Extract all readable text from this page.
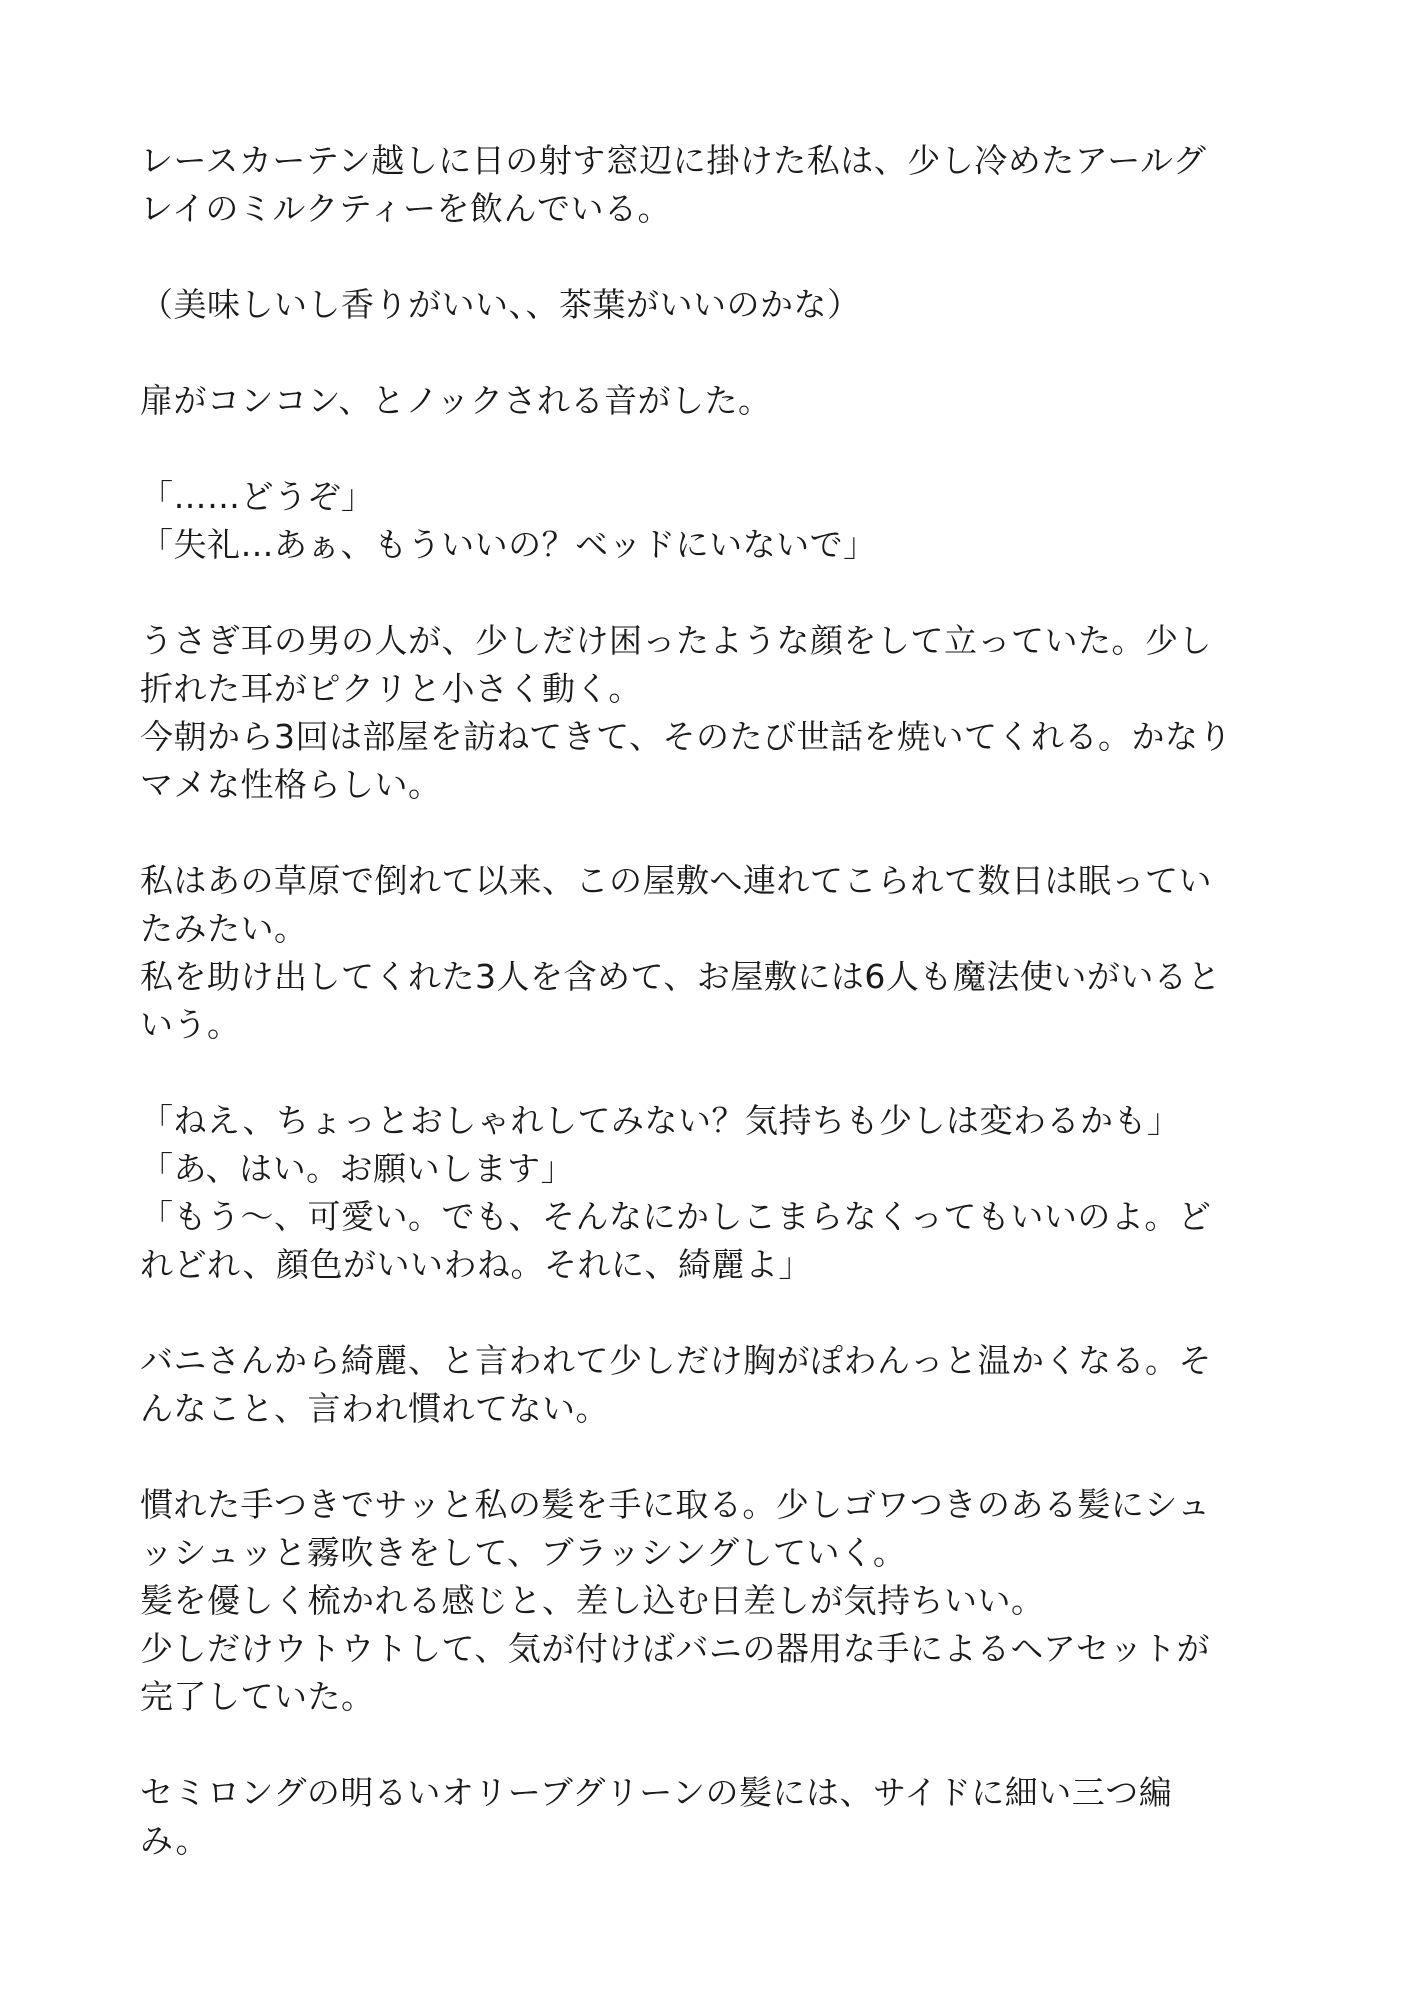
レースカーテン越しに日の射す窓辺に掛けた私は、少し冷めたアールグ
レイのミルクティーを飲んでいる。
（美味しいし香りがいい、、茶葉がいいのかな）
扉がコンコン、とノックされる音がした。
「……どうぞ」
「失礼…あぁ、もういいの？ベッドにいないで」
うさぎ耳の男の人が、少しだけ困ったような顔をして立っていた。少し
折れた耳がピクリと小さく動く。
今朝から3回は部屋を訪ねてきて、そのたび世話を焼いてくれる。かなり
マメな性格らしい。
私はあの草原で倒れて以来、この屋敷へ連れてこられて数日は眠ってい
たみたい。
私を助け出してくれた3人を含めて、お屋敷には6人も魔法使いがいると
いう。
「ねえ、ちょっとおしゃれしてみない？気持ちも少しは変わるかも」
「あ、はい。お願いします」
「もう〜、可愛い。でも、そんなにかしこまらなくってもいいのよ。ど
れどれ、顔色がいいわね。それに、綺麗よ」
バニさんから綺麗、と言われて少しだけ胸がぽわんっと温かくなる。そ
んなこと、言われ慣れてない。
慣れた手つきでサッと私の髪を手に取る。少しゴワつきのある髪にシュ
ッシュッと霧吹きをして、ブラッシングしていく。
髪を優しく梳かれる感じと、差し込む日差しが気持ちいい。
少しだけウトウトして、気が付けばバニの器用な手によるヘアセットが
完了していた。
セミロングの明るいオリーブグリーンの髪には、サイドに細い三つ編
み。
